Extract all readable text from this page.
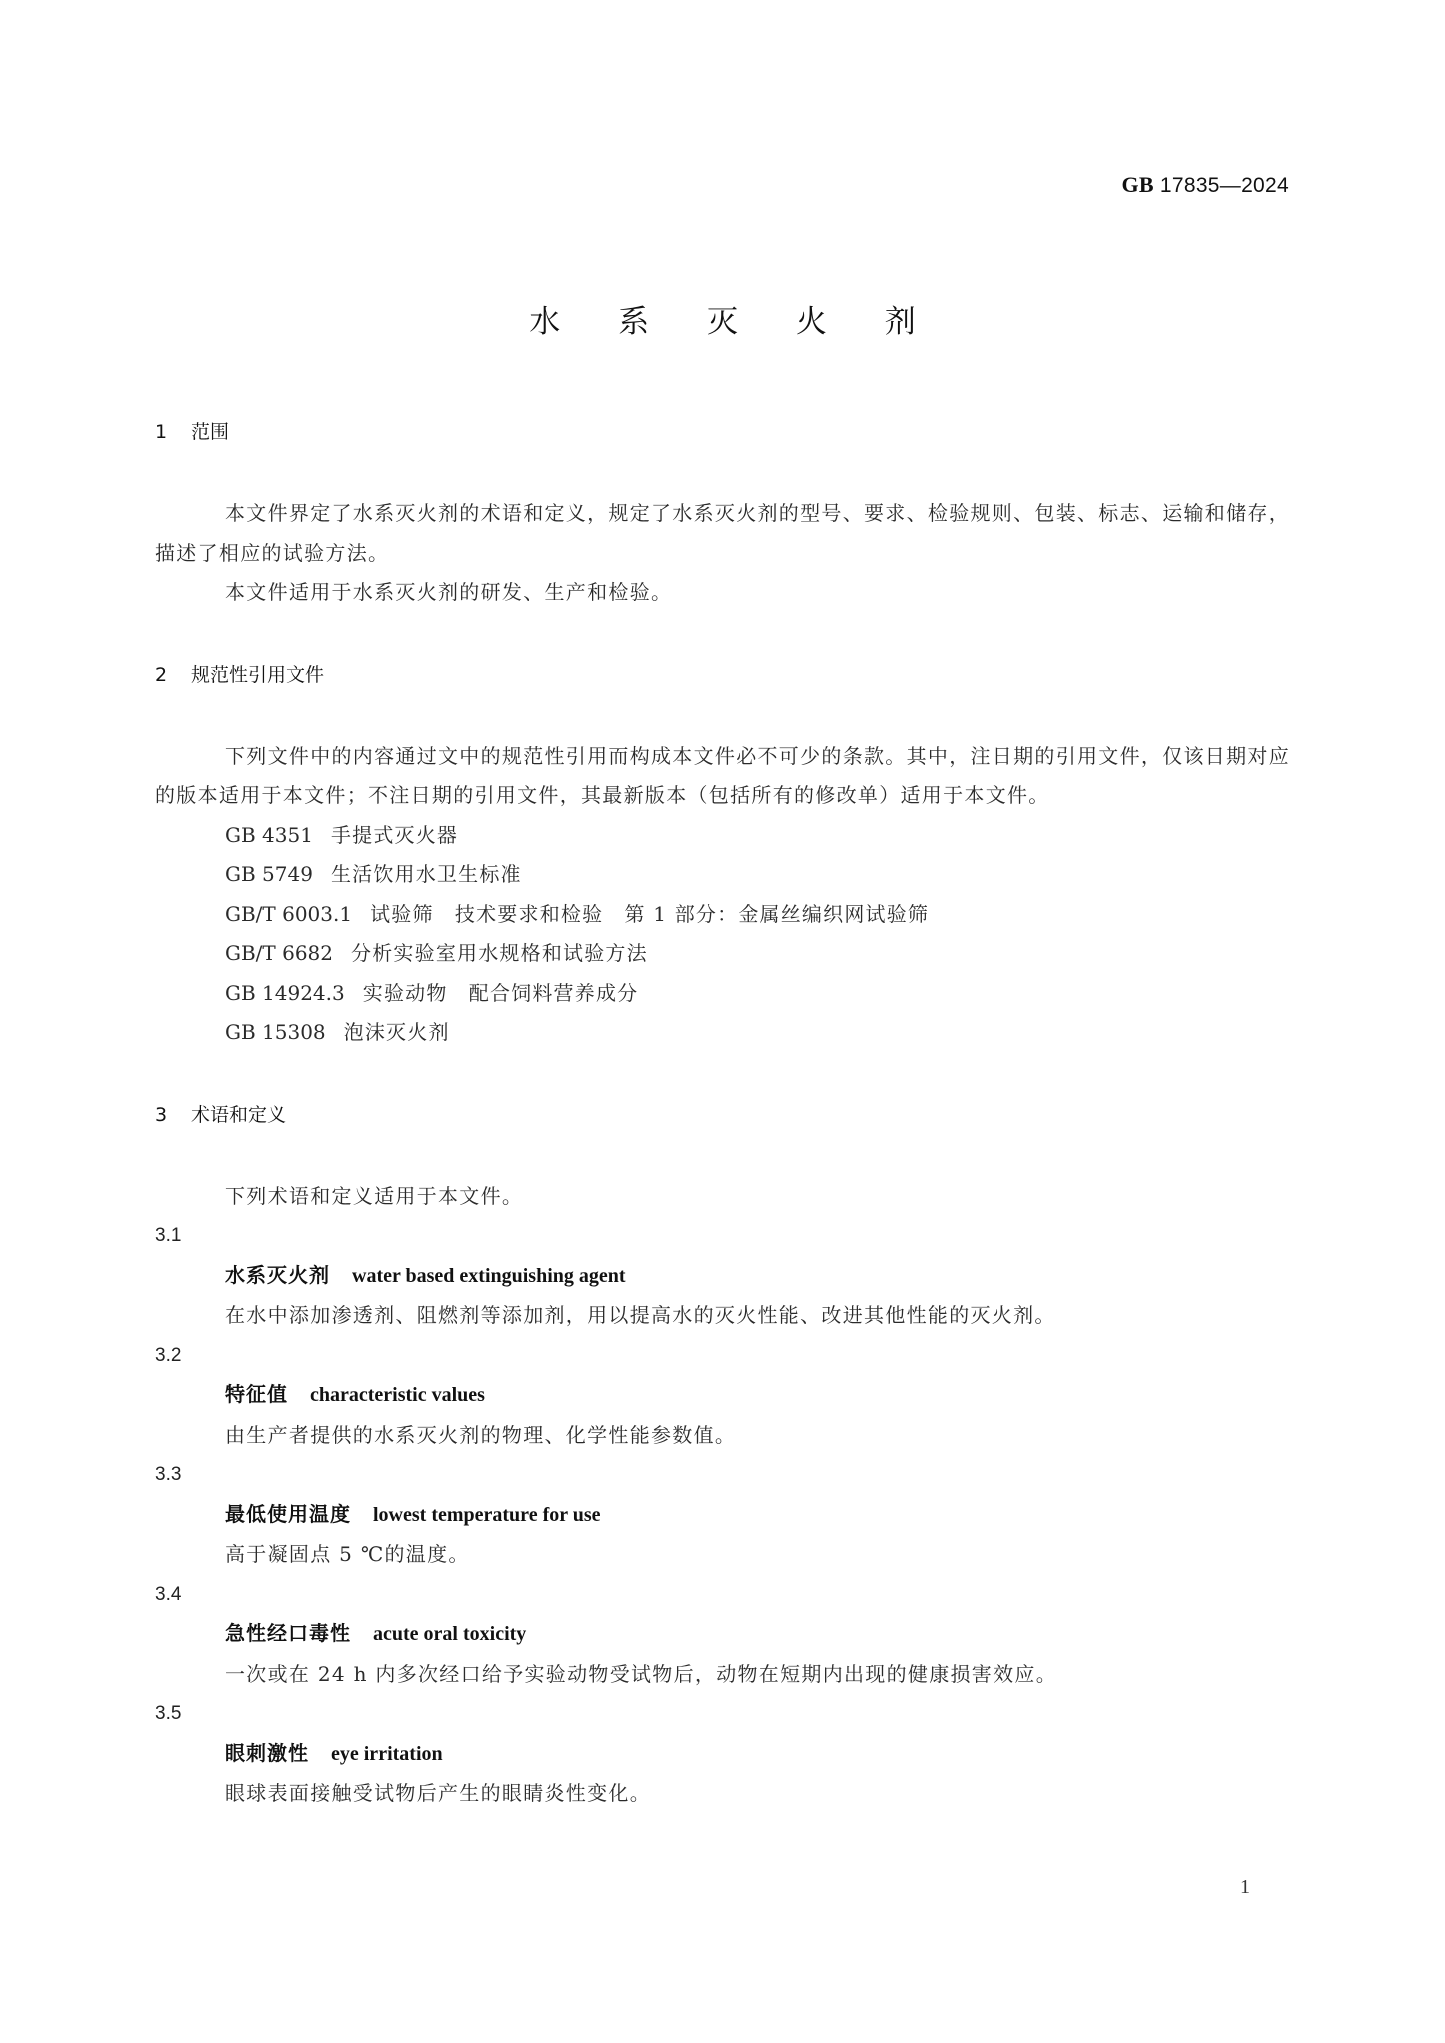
GB 17835—2024
水 系 灭 火 剂
1 范围

本文件界定了水系灭火剂的术语和定义，规定了水系灭火剂的型号、要求、检验规则、包装、标志、运输和储存，描述了相应的试验方法。

本文件适用于水系灭火剂的研发、生产和检验。

2 规范性引用文件

下列文件中的内容通过文中的规范性引用而构成本文件必不可少的条款。其中，注日期的引用文件，仅该日期对应的版本适用于本文件；不注日期的引用文件，其最新版本（包括所有的修改单）适用于本文件。

GB 4351 手提式灭火器
GB 5749 生活饮用水卫生标准
GB/T 6003.1 试验筛　技术要求和检验　第 1 部分：金属丝编织网试验筛
GB/T 6682 分析实验室用水规格和试验方法
GB 14924.3 实验动物　配合饲料营养成分
GB 15308 泡沫灭火剂
3 术语和定义

下列术语和定义适用于本文件。

3.1
水系灭火剂 water based extinguishing agent
在水中添加渗透剂、阻燃剂等添加剂，用以提高水的灭火性能、改进其他性能的灭火剂。
3.2
特征值 characteristic values
由生产者提供的水系灭火剂的物理、化学性能参数值。
3.3
最低使用温度 lowest temperature for use
高于凝固点 5 ℃的温度。
3.4
急性经口毒性 acute oral toxicity
一次或在 24 h 内多次经口给予实验动物受试物后，动物在短期内出现的健康损害效应。
3.5
眼刺激性 eye irritation
眼球表面接触受试物后产生的眼睛炎性变化。
1
